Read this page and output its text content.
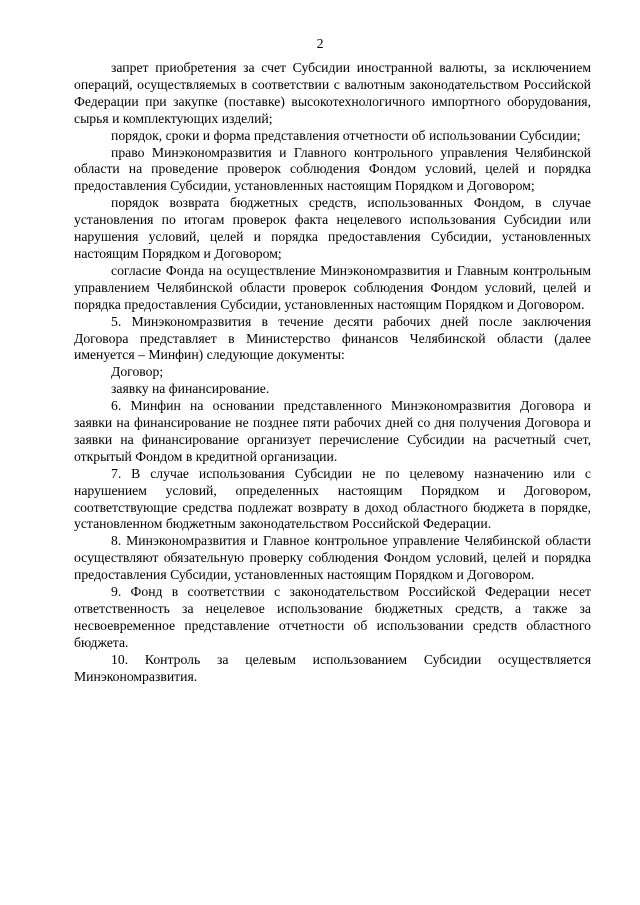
2

запрет приобретения за счет Субсидии иностранной валюты, за исключением операций, осуществляемых в соответствии с валютным законодательством Российской Федерации при закупке (поставке) высокотехнологичного импортного оборудования, сырья и комплектующих изделий;

порядок, сроки и форма представления отчетности об использовании Субсидии;

право Минэкономразвития и Главного контрольного управления Челябинской области на проведение проверок соблюдения Фондом условий, целей и порядка предоставления Субсидии, установленных настоящим Порядком и Договором;

порядок возврата бюджетных средств, использованных Фондом, в случае установления по итогам проверок факта нецелевого использования Субсидии или нарушения условий, целей и порядка предоставления Субсидии, установленных настоящим Порядком и Договором;

согласие Фонда на осуществление Минэкономразвития и Главным контрольным управлением Челябинской области проверок соблюдения Фондом условий, целей и порядка предоставления Субсидии, установленных настоящим Порядком и Договором.

5. Минэкономразвития в течение десяти рабочих дней после заключения Договора представляет в Министерство финансов Челябинской области (далее именуется – Минфин) следующие документы:

Договор;

заявку на финансирование.

6. Минфин на основании представленного Минэкономразвития Договора и заявки на финансирование не позднее пяти рабочих дней со дня получения Договора и заявки на финансирование организует перечисление Субсидии на расчетный счет, открытый Фондом в кредитной организации.

7. В случае использования Субсидии не по целевому назначению или с нарушением условий, определенных настоящим Порядком и Договором, соответствующие средства подлежат возврату в доход областного бюджета в порядке, установленном бюджетным законодательством Российской Федерации.

8. Минэкономразвития и Главное контрольное управление Челябинской области осуществляют обязательную проверку соблюдения Фондом условий, целей и порядка предоставления Субсидии, установленных настоящим Порядком и Договором.

9. Фонд в соответствии с законодательством Российской Федерации несет ответственность за нецелевое использование бюджетных средств, а также за несвоевременное представление отчетности об использовании средств областного бюджета.

10. Контроль за целевым использованием Субсидии осуществляется Минэкономразвития.
